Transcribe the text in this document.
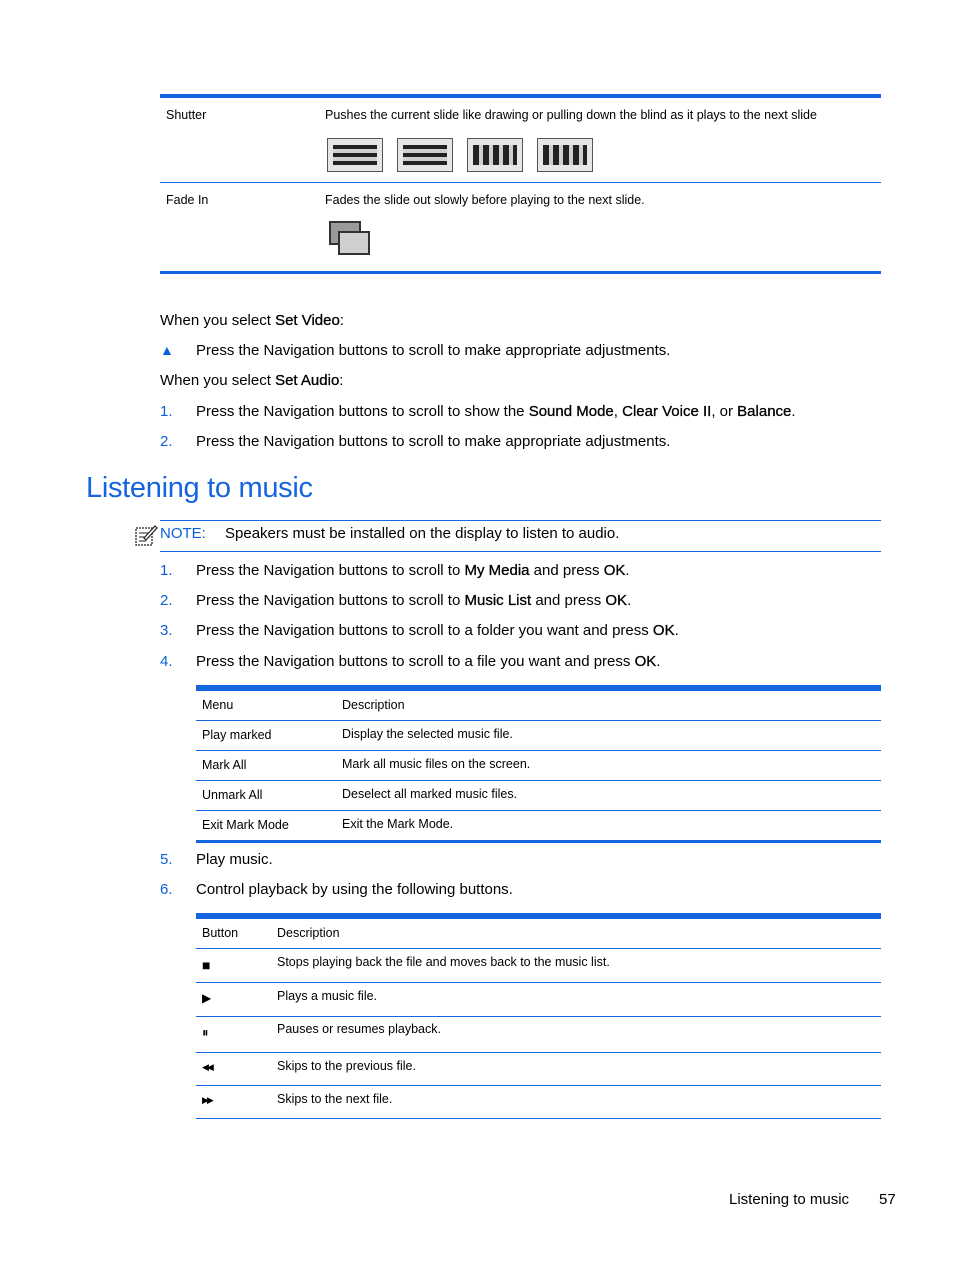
Shutter	Pushes the current slide like drawing or pulling down the blind as it plays to the next slide
Fade In	Fades the slide out slowly before playing to the next slide.
When you select Set Video:
▲ Press the Navigation buttons to scroll to make appropriate adjustments.
When you select Set Audio:
1. Press the Navigation buttons to scroll to show the Sound Mode, Clear Voice II, or Balance.
2. Press the Navigation buttons to scroll to make appropriate adjustments.
Listening to music
NOTE: Speakers must be installed on the display to listen to audio.
1. Press the Navigation buttons to scroll to My Media and press OK.
2. Press the Navigation buttons to scroll to Music List and press OK.
3. Press the Navigation buttons to scroll to a folder you want and press OK.
4. Press the Navigation buttons to scroll to a file you want and press OK.
Menu	Description
Play marked	Display the selected music file.
Mark All	Mark all music files on the screen.
Unmark All	Deselect all marked music files.
Exit Mark Mode	Exit the Mark Mode.
5. Play music.
6. Control playback by using the following buttons.
Button	Description
■	Stops playing back the file and moves back to the music list.
▶	Plays a music file.
⏸	Pauses or resumes playback.
◀◀	Skips to the previous file.
▶▶	Skips to the next file.
Listening to music 57
